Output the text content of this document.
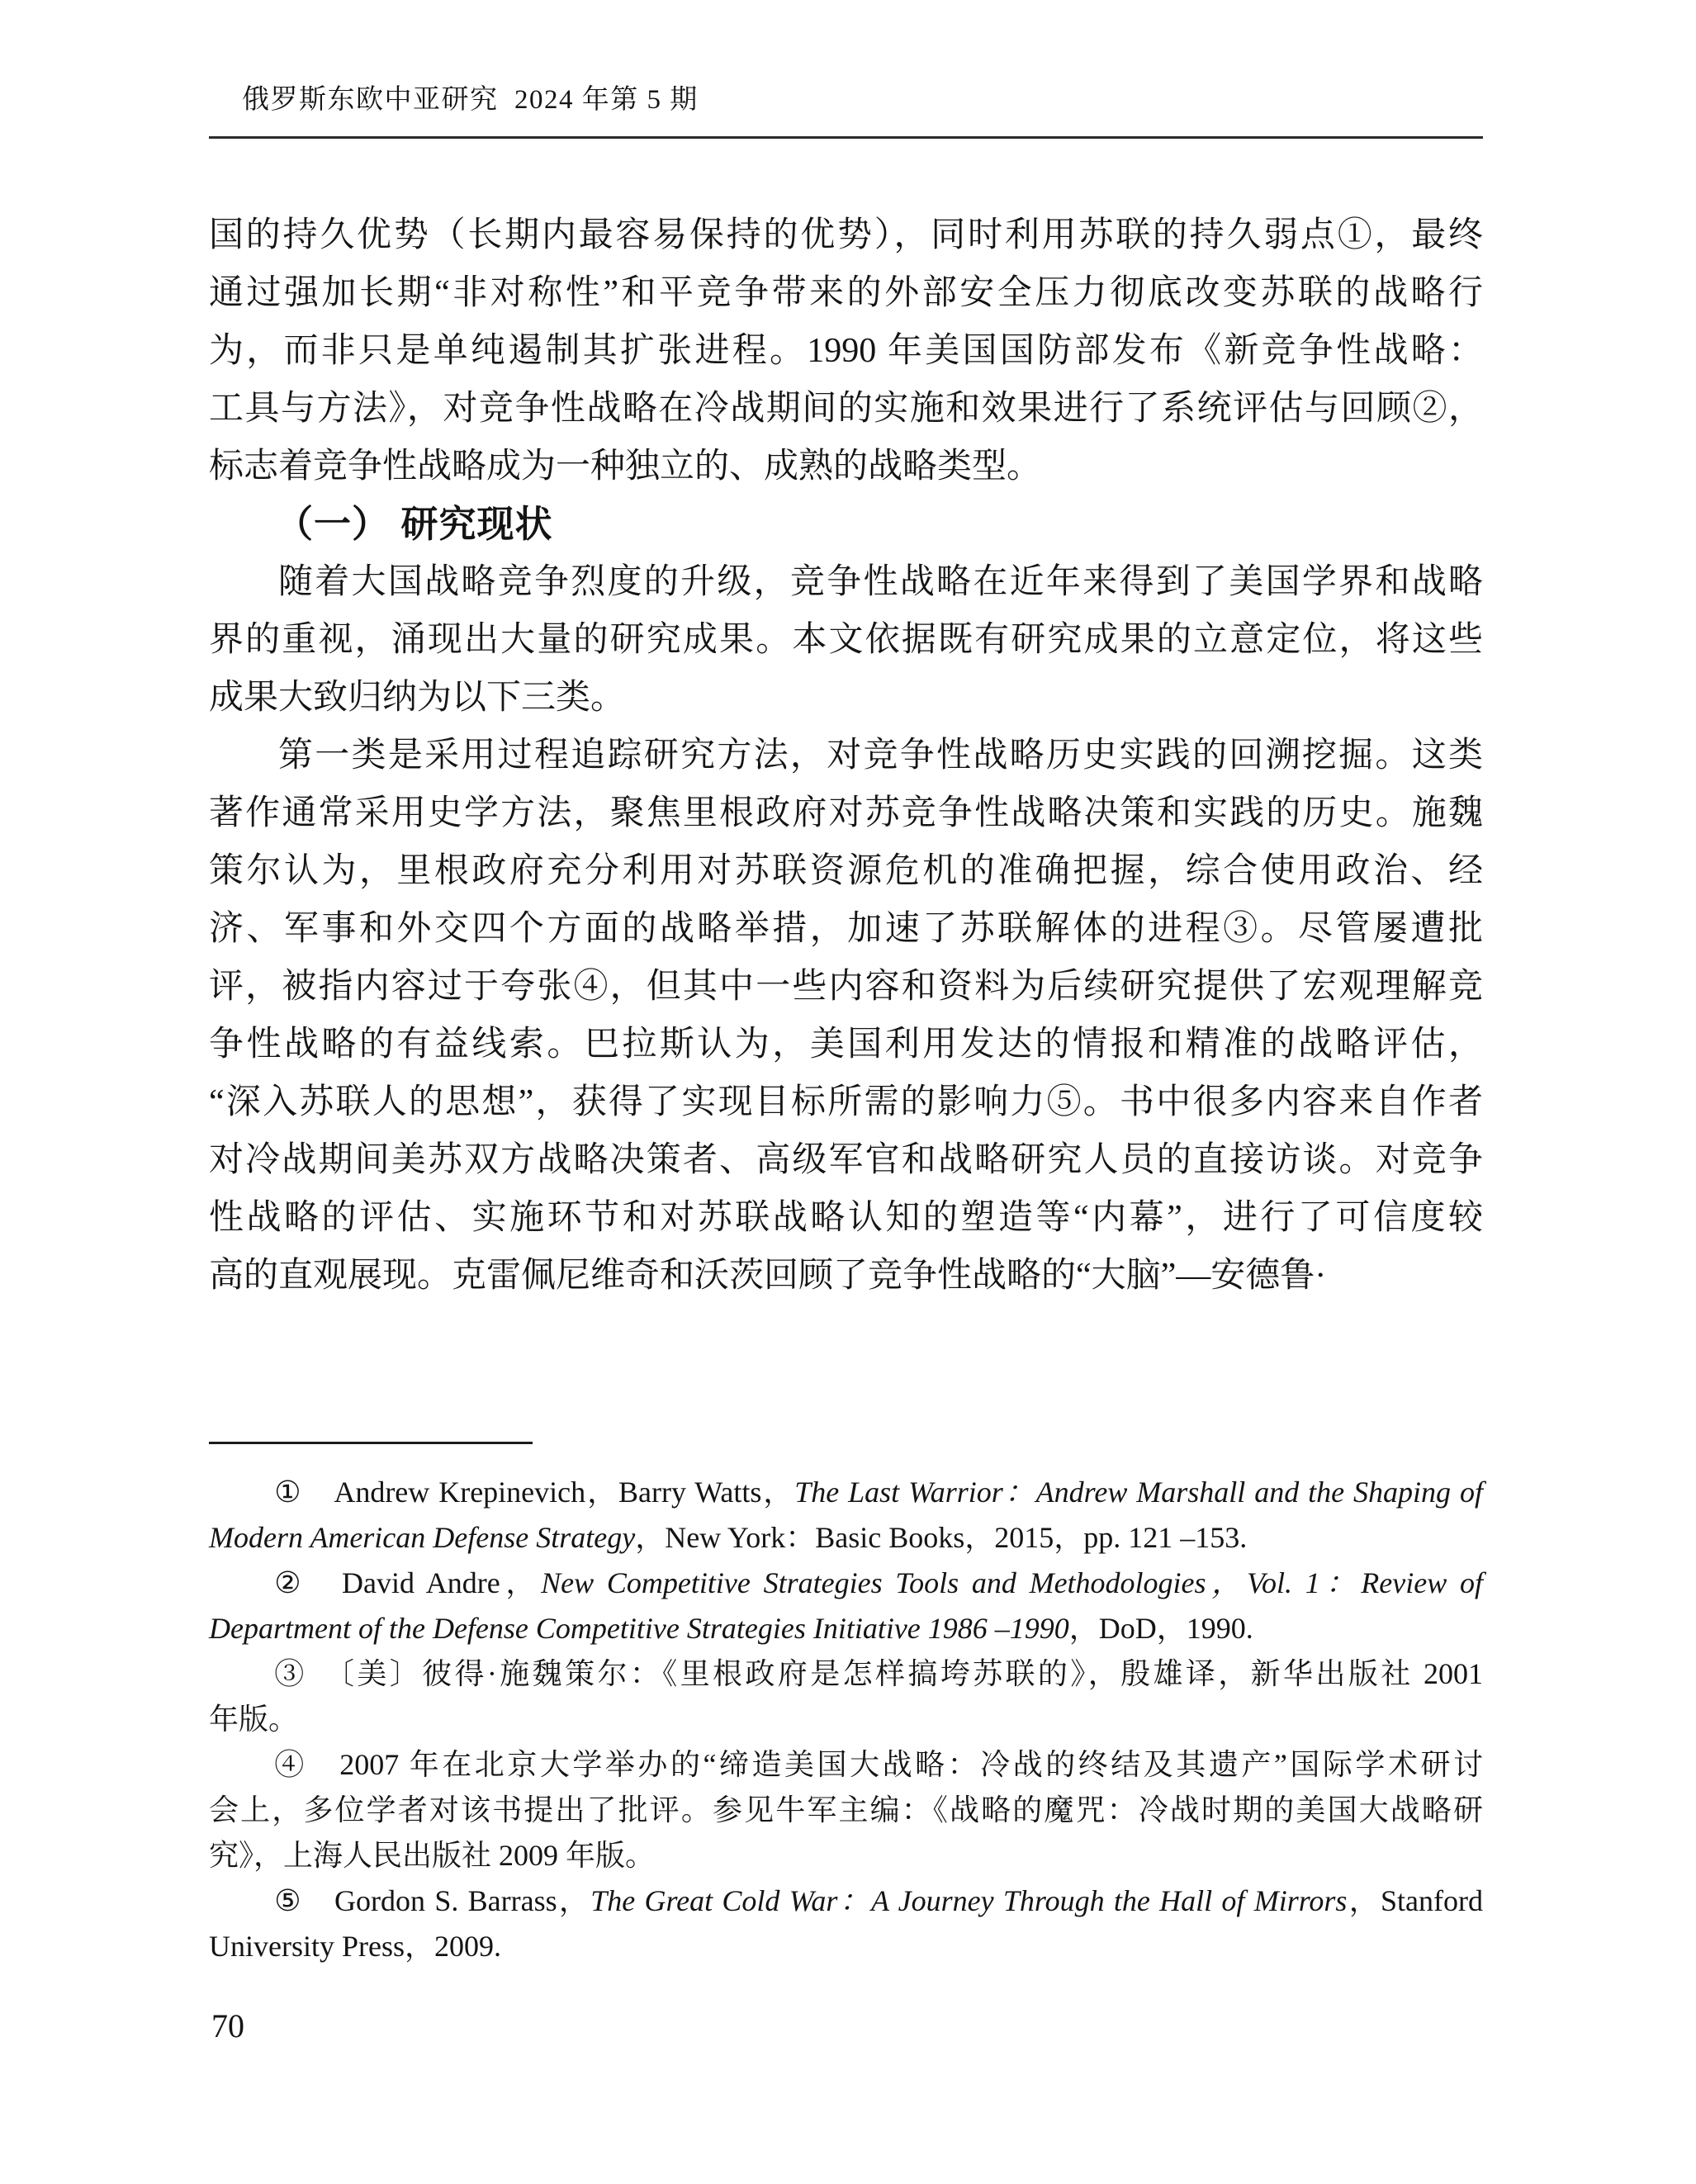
俄罗斯东欧中亚研究  2024 年第 5 期
国的持久优势（长期内最容易保持的优势），同时利用苏联的持久弱点①，最终
通过强加长期“非对称性”和平竞争带来的外部安全压力彻底改变苏联的战略行
为，而非只是单纯遏制其扩张进程。1990 年美国国防部发布《新竞争性战略：
工具与方法》，对竞争性战略在冷战期间的实施和效果进行了系统评估与回顾②，
标志着竞争性战略成为一种独立的、成熟的战略类型。
（一） 研究现状
随着大国战略竞争烈度的升级，竞争性战略在近年来得到了美国学界和战略
界的重视，涌现出大量的研究成果。本文依据既有研究成果的立意定位，将这些
成果大致归纳为以下三类。
第一类是采用过程追踪研究方法，对竞争性战略历史实践的回溯挖掘。这类
著作通常采用史学方法，聚焦里根政府对苏竞争性战略决策和实践的历史。施魏
策尔认为，里根政府充分利用对苏联资源危机的准确把握，综合使用政治、经
济、军事和外交四个方面的战略举措，加速了苏联解体的进程③。尽管屡遭批
评，被指内容过于夸张④，但其中一些内容和资料为后续研究提供了宏观理解竞
争性战略的有益线索。巴拉斯认为，美国利用发达的情报和精准的战略评估，
“深入苏联人的思想”，获得了实现目标所需的影响力⑤。书中很多内容来自作者
对冷战期间美苏双方战略决策者、高级军官和战略研究人员的直接访谈。对竞争
性战略的评估、实施环节和对苏联战略认知的塑造等“内幕”，进行了可信度较
高的直观展现。克雷佩尼维奇和沃茨回顾了竞争性战略的“大脑”—安德鲁·
①　Andrew Krepinevich，Barry Watts，The Last Warrior：Andrew Marshall and the Shaping of
Modern American Defense Strategy，New York：Basic Books，2015，pp. 121 –153.
②　David Andre，New Competitive Strategies Tools and Methodologies，Vol. 1：Review of
Department of the Defense Competitive Strategies Initiative 1986 –1990，DoD，1990.
③　〔美〕彼得·施魏策尔：《里根政府是怎样搞垮苏联的》，殷雄译，新华出版社 2001
年版。
④　2007 年在北京大学举办的“缔造美国大战略：冷战的终结及其遗产”国际学术研讨
会上，多位学者对该书提出了批评。参见牛军主编：《战略的魔咒：冷战时期的美国大战略研
究》，上海人民出版社 2009 年版。
⑤　Gordon S. Barrass，The Great Cold War：A Journey Through the Hall of Mirrors，Stanford
University Press，2009.
70
